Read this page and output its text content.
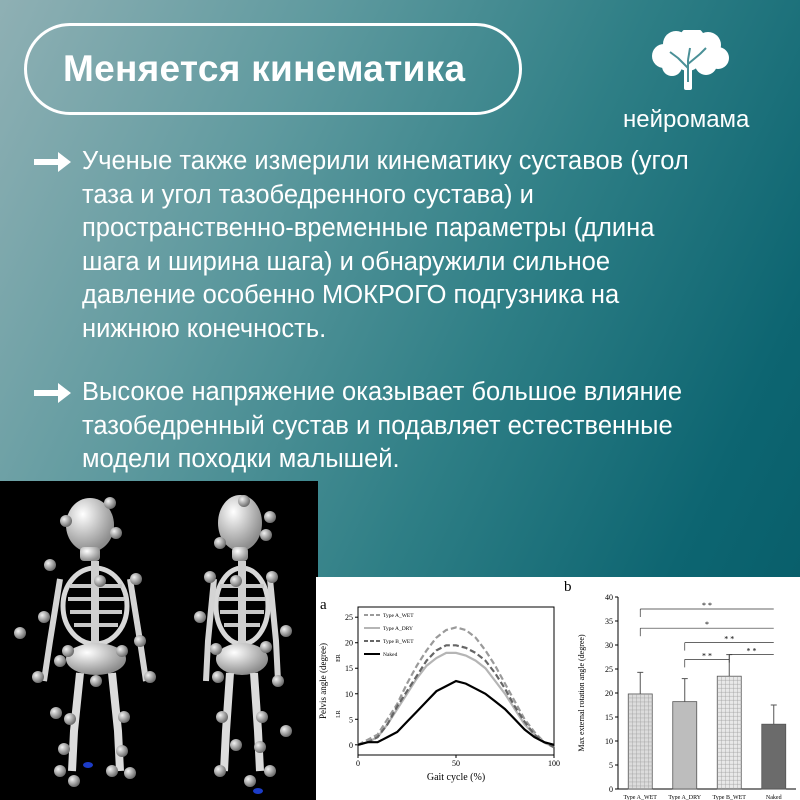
Меняется кинематика
нейромама
Ученые также измерили кинематику суставов (угол
таза и угол тазобедренного сустава) и
пространственно-временные параметры (длина
шага и ширина шага) и обнаружили сильное
давление особенно МОКРОГО подгузника на
нижнюю конечность.
Высокое напряжение оказывает большое влияние
тазобедренный сустав и подавляет естественные
модели походки малышей.
a
b
0
5
10
15
20
25
0	50	100
Gait cycle (%)
Pelvis angle (degree) ER
I.R
Type A_WET
Type A_DRY
Type B_WET
Naked
0
5
10
15
20
25
30
35
40
Max external rotation angle (degree)
Type A_WET Type A_DRY Type B_WET	Naked
* *
*
* *
* *
* *
